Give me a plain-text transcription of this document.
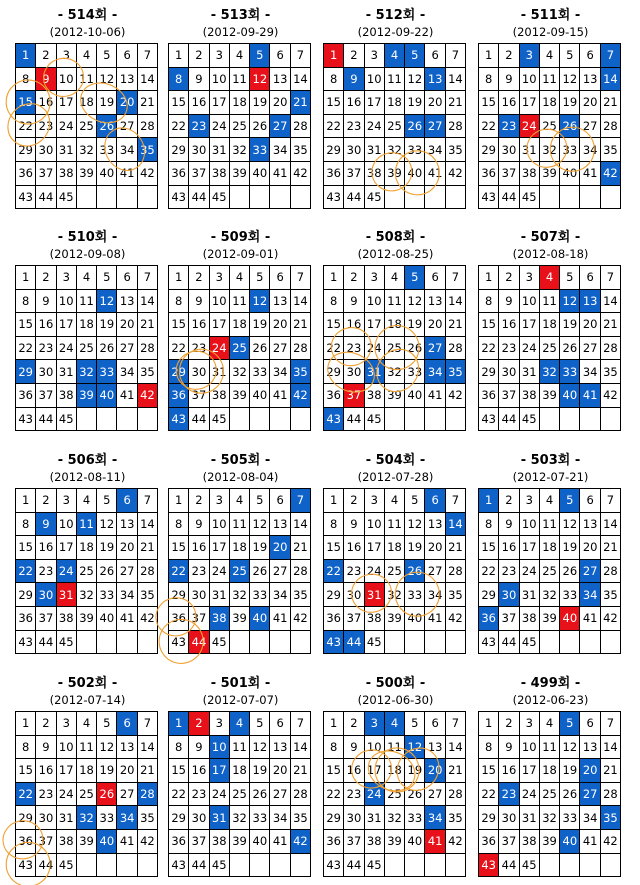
- 514회 -
(2012-10-06)
1	2	3	4	5	6	7
8	9	10	11	12	13	14
15	16	17	18	19	20	21
22	23	24	25	26	27	28
29	30	31	32	33	34	35
36	37	38	39	40	41	42
43	44	45				
- 513회 -
(2012-09-29)
1	2	3	4	5	6	7
8	9	10	11	12	13	14
15	16	17	18	19	20	21
22	23	24	25	26	27	28
29	30	31	32	33	34	35
36	37	38	39	40	41	42
43	44	45				
- 512회 -
(2012-09-22)
1	2	3	4	5	6	7
8	9	10	11	12	13	14
15	16	17	18	19	20	21
22	23	24	25	26	27	28
29	30	31	32	33	34	35
36	37	38	39	40	41	42
43	44	45				
- 511회 -
(2012-09-15)
1	2	3	4	5	6	7
8	9	10	11	12	13	14
15	16	17	18	19	20	21
22	23	24	25	26	27	28
29	30	31	32	33	34	35
36	37	38	39	40	41	42
43	44	45				
- 510회 -
(2012-09-08)
1	2	3	4	5	6	7
8	9	10	11	12	13	14
15	16	17	18	19	20	21
22	23	24	25	26	27	28
29	30	31	32	33	34	35
36	37	38	39	40	41	42
43	44	45				
- 509회 -
(2012-09-01)
1	2	3	4	5	6	7
8	9	10	11	12	13	14
15	16	17	18	19	20	21
22	23	24	25	26	27	28
29	30	31	32	33	34	35
36	37	38	39	40	41	42
43	44	45				
- 508회 -
(2012-08-25)
1	2	3	4	5	6	7
8	9	10	11	12	13	14
15	16	17	18	19	20	21
22	23	24	25	26	27	28
29	30	31	32	33	34	35
36	37	38	39	40	41	42
43	44	45				
- 507회 -
(2012-08-18)
1	2	3	4	5	6	7
8	9	10	11	12	13	14
15	16	17	18	19	20	21
22	23	24	25	26	27	28
29	30	31	32	33	34	35
36	37	38	39	40	41	42
43	44	45				
- 506회 -
(2012-08-11)
1	2	3	4	5	6	7
8	9	10	11	12	13	14
15	16	17	18	19	20	21
22	23	24	25	26	27	28
29	30	31	32	33	34	35
36	37	38	39	40	41	42
43	44	45				
- 505회 -
(2012-08-04)
1	2	3	4	5	6	7
8	9	10	11	12	13	14
15	16	17	18	19	20	21
22	23	24	25	26	27	28
29	30	31	32	33	34	35
36	37	38	39	40	41	42
43	44	45				
- 504회 -
(2012-07-28)
1	2	3	4	5	6	7
8	9	10	11	12	13	14
15	16	17	18	19	20	21
22	23	24	25	26	27	28
29	30	31	32	33	34	35
36	37	38	39	40	41	42
43	44	45				
- 503회 -
(2012-07-21)
1	2	3	4	5	6	7
8	9	10	11	12	13	14
15	16	17	18	19	20	21
22	23	24	25	26	27	28
29	30	31	32	33	34	35
36	37	38	39	40	41	42
43	44	45				
- 502회 -
(2012-07-14)
1	2	3	4	5	6	7
8	9	10	11	12	13	14
15	16	17	18	19	20	21
22	23	24	25	26	27	28
29	30	31	32	33	34	35
36	37	38	39	40	41	42
43	44	45				
- 501회 -
(2012-07-07)
1	2	3	4	5	6	7
8	9	10	11	12	13	14
15	16	17	18	19	20	21
22	23	24	25	26	27	28
29	30	31	32	33	34	35
36	37	38	39	40	41	42
43	44	45				
- 500회 -
(2012-06-30)
1	2	3	4	5	6	7
8	9	10	11	12	13	14
15	16	17	18	19	20	21
22	23	24	25	26	27	28
29	30	31	32	33	34	35
36	37	38	39	40	41	42
43	44	45				
- 499회 -
(2012-06-23)
1	2	3	4	5	6	7
8	9	10	11	12	13	14
15	16	17	18	19	20	21
22	23	24	25	26	27	28
29	30	31	32	33	34	35
36	37	38	39	40	41	42
43	44	45				
